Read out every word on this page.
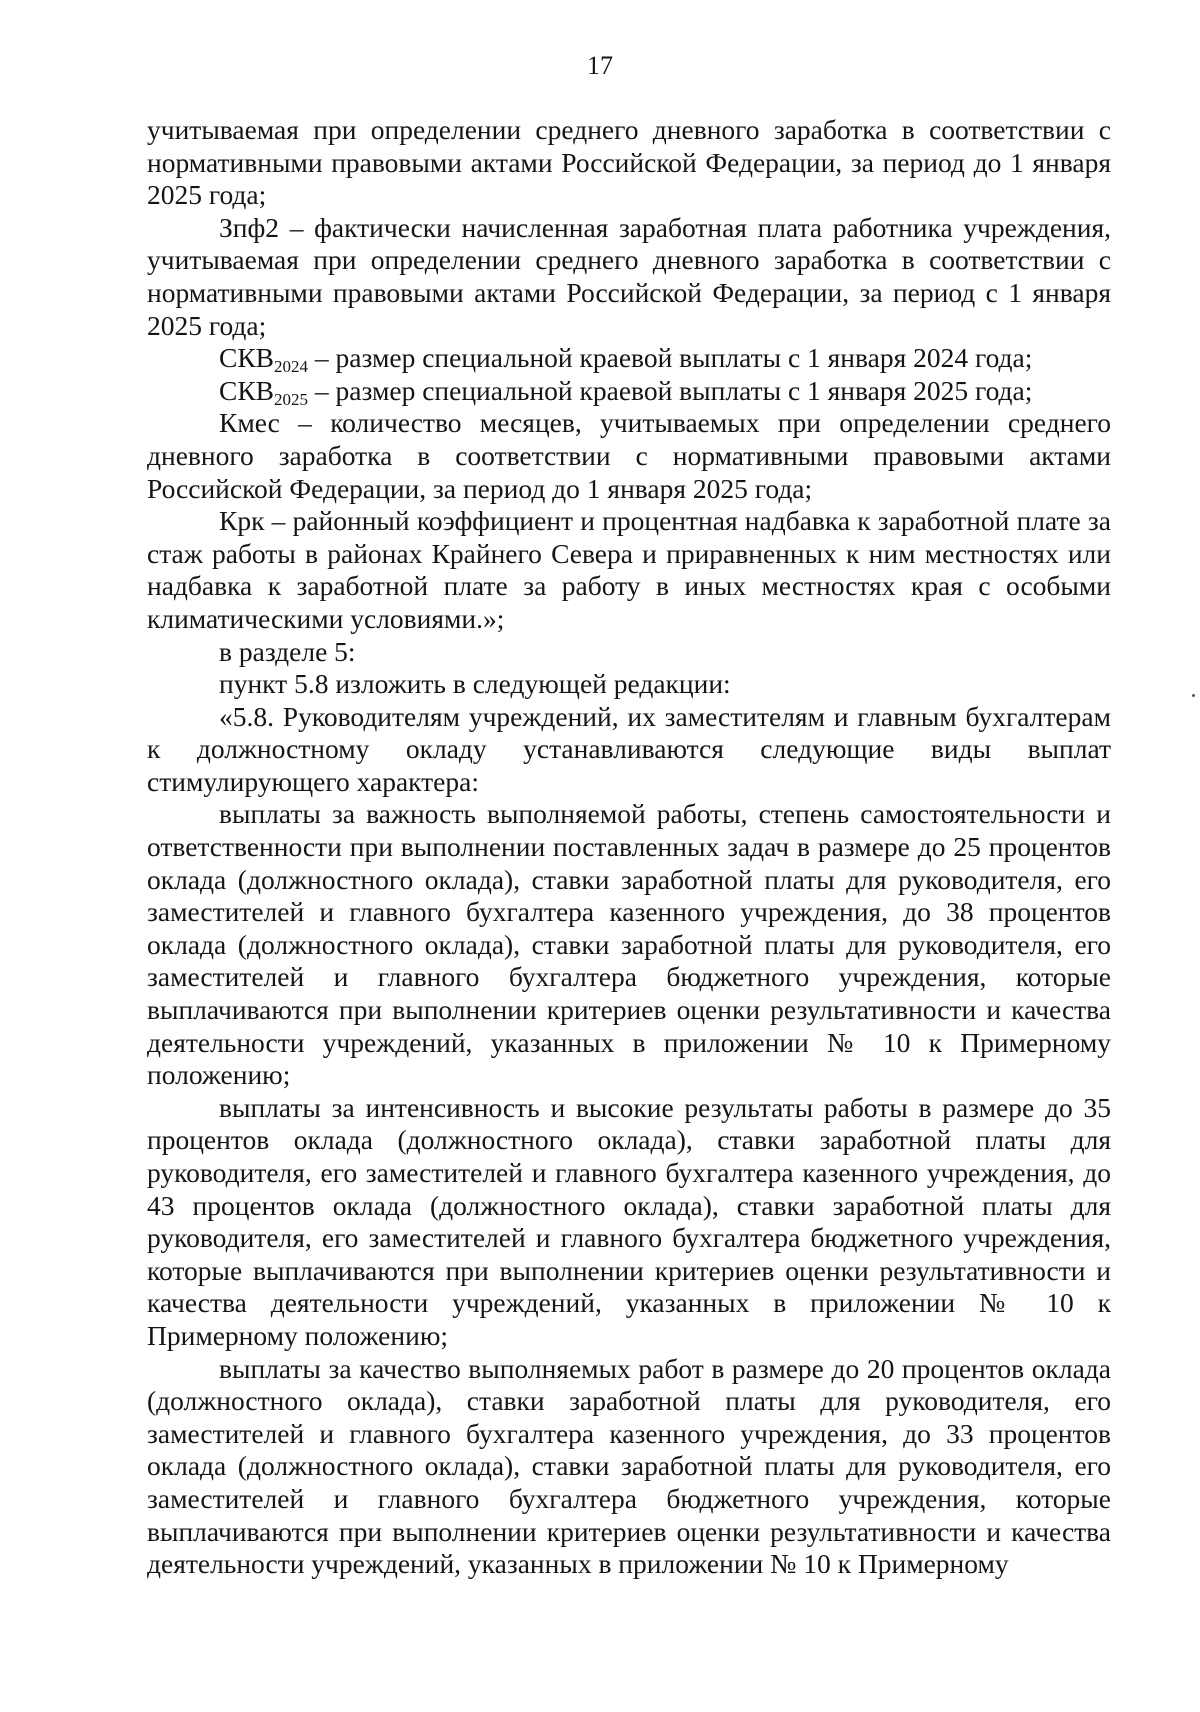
17

учитываемая при определении среднего дневного заработка в соответствии с нормативными правовыми актами Российской Федерации, за период до 1 января 2025 года;

Зпф2 – фактически начисленная заработная плата работника учреждения, учитываемая при определении среднего дневного заработка в соответствии с нормативными правовыми актами Российской Федерации, за период с 1 января 2025 года;

$СКВ_{2024}$ – размер специальной краевой выплаты с 1 января 2024 года;

$СКВ_{2025}$ – размер специальной краевой выплаты с 1 января 2025 года;

Кмес – количество месяцев, учитываемых при определении среднего дневного заработка в соответствии с нормативными правовыми актами Российской Федерации, за период до 1 января 2025 года;

Крк – районный коэффициент и процентная надбавка к заработной плате за стаж работы в районах Крайнего Севера и приравненных к ним местностях или надбавка к заработной плате за работу в иных местностях края с особыми климатическими условиями.»;

в разделе 5:

пункт 5.8 изложить в следующей редакции:

«5.8. Руководителям учреждений, их заместителям и главным бухгалтерам к должностному окладу устанавливаются следующие виды выплат стимулирующего характера:

выплаты за важность выполняемой работы, степень самостоятельности и ответственности при выполнении поставленных задач в размере до 25 процентов оклада (должностного оклада), ставки заработной платы для руководителя, его заместителей и главного бухгалтера казенного учреждения, до 38 процентов оклада (должностного оклада), ставки заработной платы для руководителя, его заместителей и главного бухгалтера бюджетного учреждения, которые выплачиваются при выполнении критериев оценки результативности и качества деятельности учреждений, указанных в приложении № 10 к Примерному положению;

выплаты за интенсивность и высокие результаты работы в размере до 35 процентов оклада (должностного оклада), ставки заработной платы для руководителя, его заместителей и главного бухгалтера казенного учреждения, до 43 процентов оклада (должностного оклада), ставки заработной платы для руководителя, его заместителей и главного бухгалтера бюджетного учреждения, которые выплачиваются при выполнении критериев оценки результативности и качества деятельности учреждений, указанных в приложении № 10 к Примерному положению;

выплаты за качество выполняемых работ в размере до 20 процентов оклада (должностного оклада), ставки заработной платы для руководителя, его заместителей и главного бухгалтера казенного учреждения, до 33 процентов оклада (должностного оклада), ставки заработной платы для руководителя, его заместителей и главного бухгалтера бюджетного учреждения, которые выплачиваются при выполнении критериев оценки результативности и качества деятельности учреждений, указанных в приложении № 10 к Примерному
